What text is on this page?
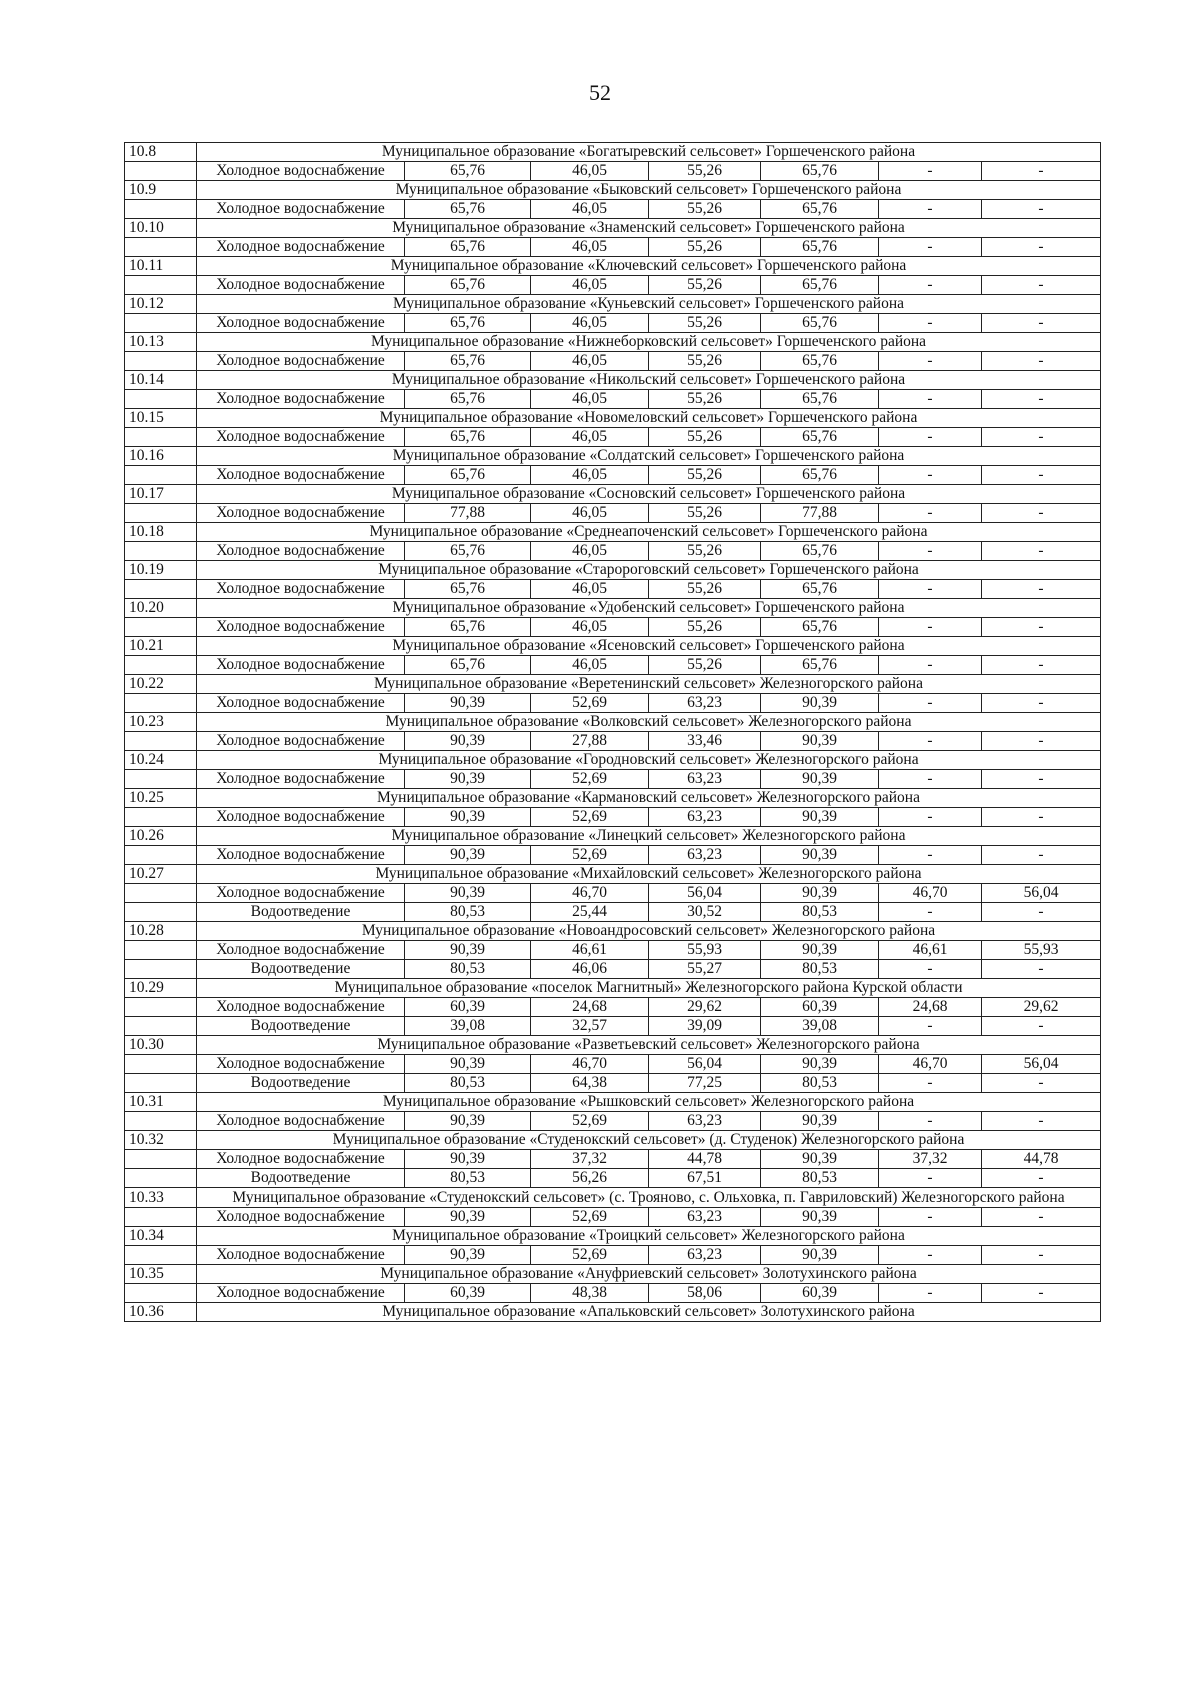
52
10.8	Муниципальное образование «Богатыревский сельсовет» Горшеченского района						
	Холодное водоснабжение	65,76	46,05	55,26	65,76	-	-
10.9	Муниципальное образование «Быковский сельсовет» Горшеченского района						
	Холодное водоснабжение	65,76	46,05	55,26	65,76	-	-
10.10	Муниципальное образование «Знаменский сельсовет» Горшеченского района						
	Холодное водоснабжение	65,76	46,05	55,26	65,76	-	-
10.11	Муниципальное образование «Ключевский сельсовет» Горшеченского района						
	Холодное водоснабжение	65,76	46,05	55,26	65,76	-	-
10.12	Муниципальное образование «Куньевский сельсовет» Горшеченского района						
	Холодное водоснабжение	65,76	46,05	55,26	65,76	-	-
10.13	Муниципальное образование «Нижнеборковский сельсовет» Горшеченского района						
	Холодное водоснабжение	65,76	46,05	55,26	65,76	-	-
10.14	Муниципальное образование «Никольский сельсовет» Горшеченского района						
	Холодное водоснабжение	65,76	46,05	55,26	65,76	-	-
10.15	Муниципальное образование «Новомеловский сельсовет» Горшеченского района						
	Холодное водоснабжение	65,76	46,05	55,26	65,76	-	-
10.16	Муниципальное образование «Солдатский сельсовет» Горшеченского района						
	Холодное водоснабжение	65,76	46,05	55,26	65,76	-	-
10.17	Муниципальное образование «Сосновский сельсовет» Горшеченского района						
	Холодное водоснабжение	77,88	46,05	55,26	77,88	-	-
10.18	Муниципальное образование «Среднеапоченский сельсовет» Горшеченского района						
	Холодное водоснабжение	65,76	46,05	55,26	65,76	-	-
10.19	Муниципальное образование «Старороговский сельсовет» Горшеченского района						
	Холодное водоснабжение	65,76	46,05	55,26	65,76	-	-
10.20	Муниципальное образование «Удобенский сельсовет» Горшеченского района						
	Холодное водоснабжение	65,76	46,05	55,26	65,76	-	-
10.21	Муниципальное образование «Ясеновский сельсовет» Горшеченского района						
	Холодное водоснабжение	65,76	46,05	55,26	65,76	-	-
10.22	Муниципальное образование «Веретенинский сельсовет» Железногорского района						
	Холодное водоснабжение	90,39	52,69	63,23	90,39	-	-
10.23	Муниципальное образование «Волковский сельсовет» Железногорского района						
	Холодное водоснабжение	90,39	27,88	33,46	90,39	-	-
10.24	Муниципальное образование «Городновский сельсовет» Железногорского района						
	Холодное водоснабжение	90,39	52,69	63,23	90,39	-	-
10.25	Муниципальное образование «Кармановский сельсовет» Железногорского района						
	Холодное водоснабжение	90,39	52,69	63,23	90,39	-	-
10.26	Муниципальное образование «Линецкий сельсовет» Железногорского района						
	Холодное водоснабжение	90,39	52,69	63,23	90,39	-	-
10.27	Муниципальное образование «Михайловский сельсовет» Железногорского района						
	Холодное водоснабжение	90,39	46,70	56,04	90,39	46,70	56,04
	Водоотведение	80,53	25,44	30,52	80,53	-	-
10.28	Муниципальное образование «Новоандросовский сельсовет» Железногорского района						
	Холодное водоснабжение	90,39	46,61	55,93	90,39	46,61	55,93
	Водоотведение	80,53	46,06	55,27	80,53	-	-
10.29	Муниципальное образование «поселок Магнитный» Железногорского района Курской области						
	Холодное водоснабжение	60,39	24,68	29,62	60,39	24,68	29,62
	Водоотведение	39,08	32,57	39,09	39,08	-	-
10.30	Муниципальное образование «Разветьевский сельсовет» Железногорского района						
	Холодное водоснабжение	90,39	46,70	56,04	90,39	46,70	56,04
	Водоотведение	80,53	64,38	77,25	80,53	-	-
10.31	Муниципальное образование «Рышковский сельсовет» Железногорского района						
	Холодное водоснабжение	90,39	52,69	63,23	90,39	-	-
10.32	Муниципальное образование «Студенокский сельсовет» (д. Студенок) Железногорского района						
	Холодное водоснабжение	90,39	37,32	44,78	90,39	37,32	44,78
	Водоотведение	80,53	56,26	67,51	80,53	-	-
10.33	Муниципальное образование «Студенокский сельсовет» (с. Трояново, с. Ольховка, п. Гавриловский) Железногорского района						
	Холодное водоснабжение	90,39	52,69	63,23	90,39	-	-
10.34	Муниципальное образование «Троицкий сельсовет» Железногорского района						
	Холодное водоснабжение	90,39	52,69	63,23	90,39	-	-
10.35	Муниципальное образование «Ануфриевский сельсовет» Золотухинского района						
	Холодное водоснабжение	60,39	48,38	58,06	60,39	-	-
10.36	Муниципальное образование «Апальковский сельсовет» Золотухинского района						
